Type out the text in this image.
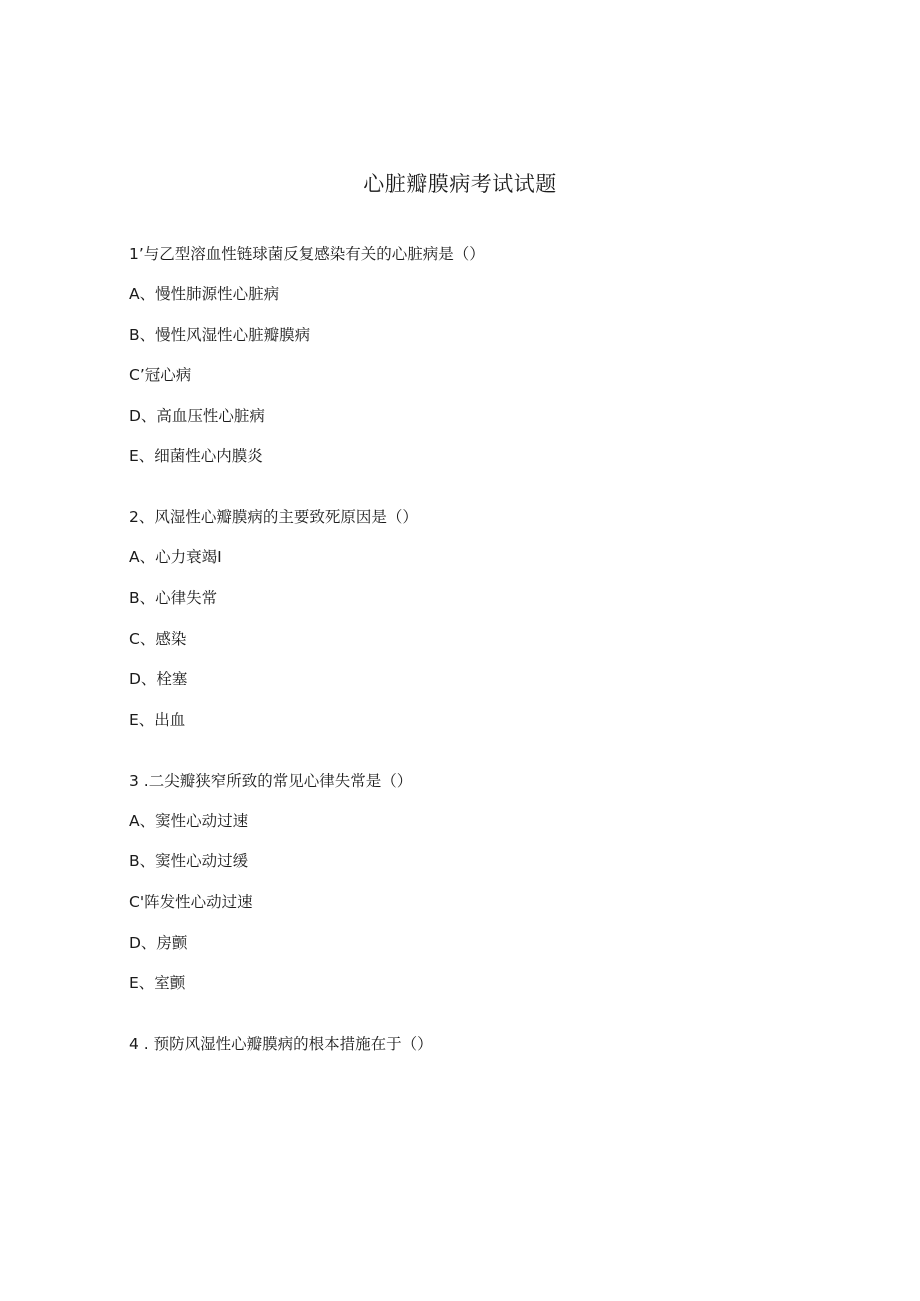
心脏瓣膜病考试试题
1’与乙型溶血性链球菌反复感染有关的心脏病是（）
A、慢性肺源性心脏病
B、慢性风湿性心脏瓣膜病
C’冠心病
D、高血压性心脏病
E、细菌性心内膜炎
2、风湿性心瓣膜病的主要致死原因是（）
A、心力衰竭I
B、心律失常
C、感染
D、栓塞
E、出血
3 .二尖瓣狭窄所致的常见心律失常是（）
A、窦性心动过速
B、窦性心动过缓
C'阵发性心动过速
D、房颤
E、室颤
4 . 预防风湿性心瓣膜病的根本措施在于（）
